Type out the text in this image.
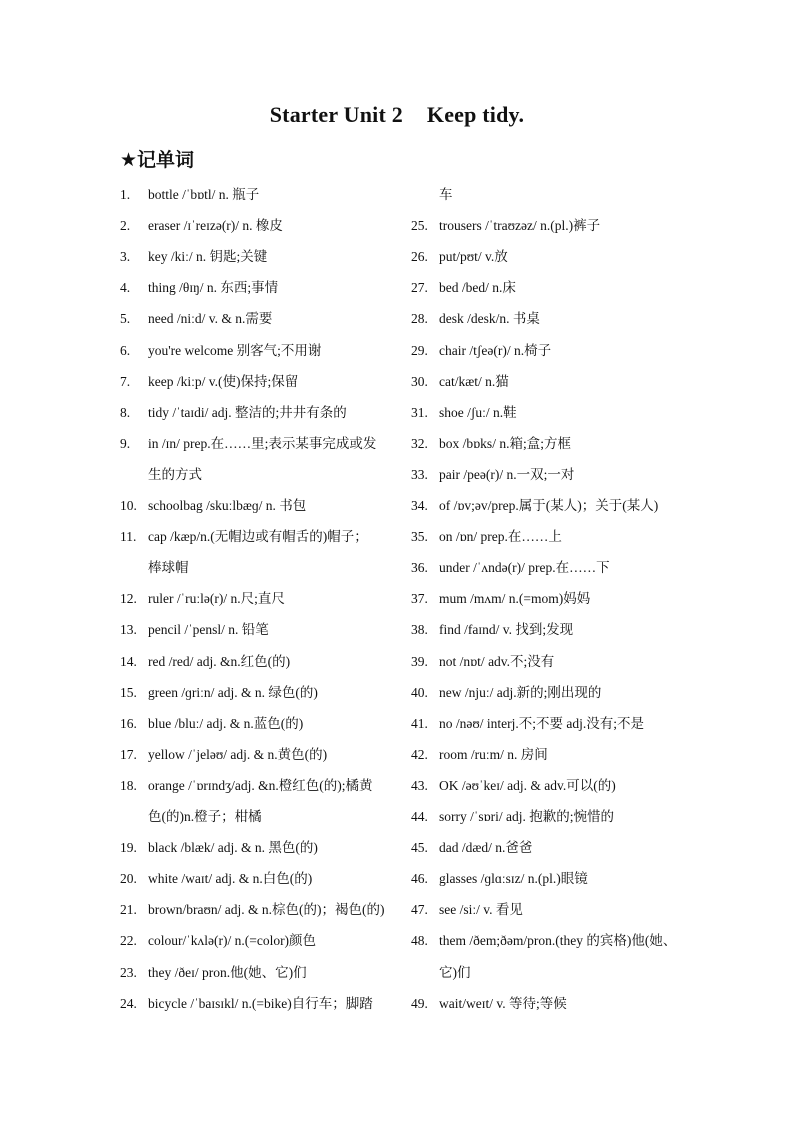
Starter Unit 2 Keep tidy.
★记单词
1.	bottle /ˈbɒtl/ n. 瓶子
2.	eraser /ɪˈreɪzə(r)/ n. 橡皮
3.	key /kiː/ n. 钥匙;关键
4.	thing /θɪŋ/ n. 东西;事情
5.	need /niːd/ v. & n.需要
6.	you're welcome 别客气;不用谢
7.	keep /kiːp/ v.(使)保持;保留
8.	tidy /ˈtaɪdi/ adj. 整洁的;井井有条的
9.	in /ɪn/ prep.在……里;表示某事完成或发
生的方式
10. schoolbag /skuːlbæɡ/ n. 书包
11. cap /kæp/n.(无帽边或有帽舌的)帽子；
棒球帽
12. ruler /ˈruːlə(r)/ n.尺;直尺
13. pencil /ˈpensl/ n. 铅笔
14. red /red/ adj. &n.红色(的)
15. green /ɡriːn/ adj. & n. 绿色(的)
16. blue /bluː/ adj. & n.蓝色(的)
17. yellow /ˈjeləʊ/ adj. & n.黄色(的)
18. orange /ˈɒrɪndʒ/adj. &n.橙红色(的);橘黄
色(的)n.橙子；柑橘
19. black /blæk/ adj. & n. 黑色(的)
20. white /waɪt/ adj. & n.白色(的)
21. brown/braʊn/ adj. & n.棕色(的)；褐色(的)
22. colour/ˈkʌlə(r)/ n.(=color)颜色
23. they /ðeɪ/ pron.他(她、它)们
24. bicycle /ˈbaɪsɪkl/ n.(=bike)自行车；脚踏
车
25. trousers /ˈtraʊzəz/ n.(pl.)裤子
26. put/pʊt/ v.放
27. bed /bed/ n.床
28. desk /desk/n. 书桌
29. chair /tʃeə(r)/ n.椅子
30. cat/kæt/ n.猫
31. shoe /ʃuː/ n.鞋
32. box /bɒks/ n.箱;盒;方框
33. pair /peə(r)/ n.一双;一对
34. of /ɒv;əv/prep.属于(某人)；关于(某人)
35. on /ɒn/ prep.在……上
36. under /ˈʌndə(r)/ prep.在……下
37. mum /mʌm/ n.(=mom)妈妈
38. find /faɪnd/ v. 找到;发现
39. not /nɒt/ adv.不;没有
40. new /njuː/ adj.新的;刚出现的
41. no /nəʊ/ interj.不;不要 adj.没有;不是
42. room /ruːm/ n. 房间
43. OK /əʊˈkeɪ/ adj. & adv.可以(的)
44. sorry /ˈsɒri/ adj. 抱歉的;惋惜的
45. dad /dæd/ n.爸爸
46. glasses /ɡlɑːsɪz/ n.(pl.)眼镜
47. see /siː/ v. 看见
48. them /ðem;ðəm/pron.(they 的宾格)他(她、
它)们
49. wait/weɪt/ v. 等待;等候
